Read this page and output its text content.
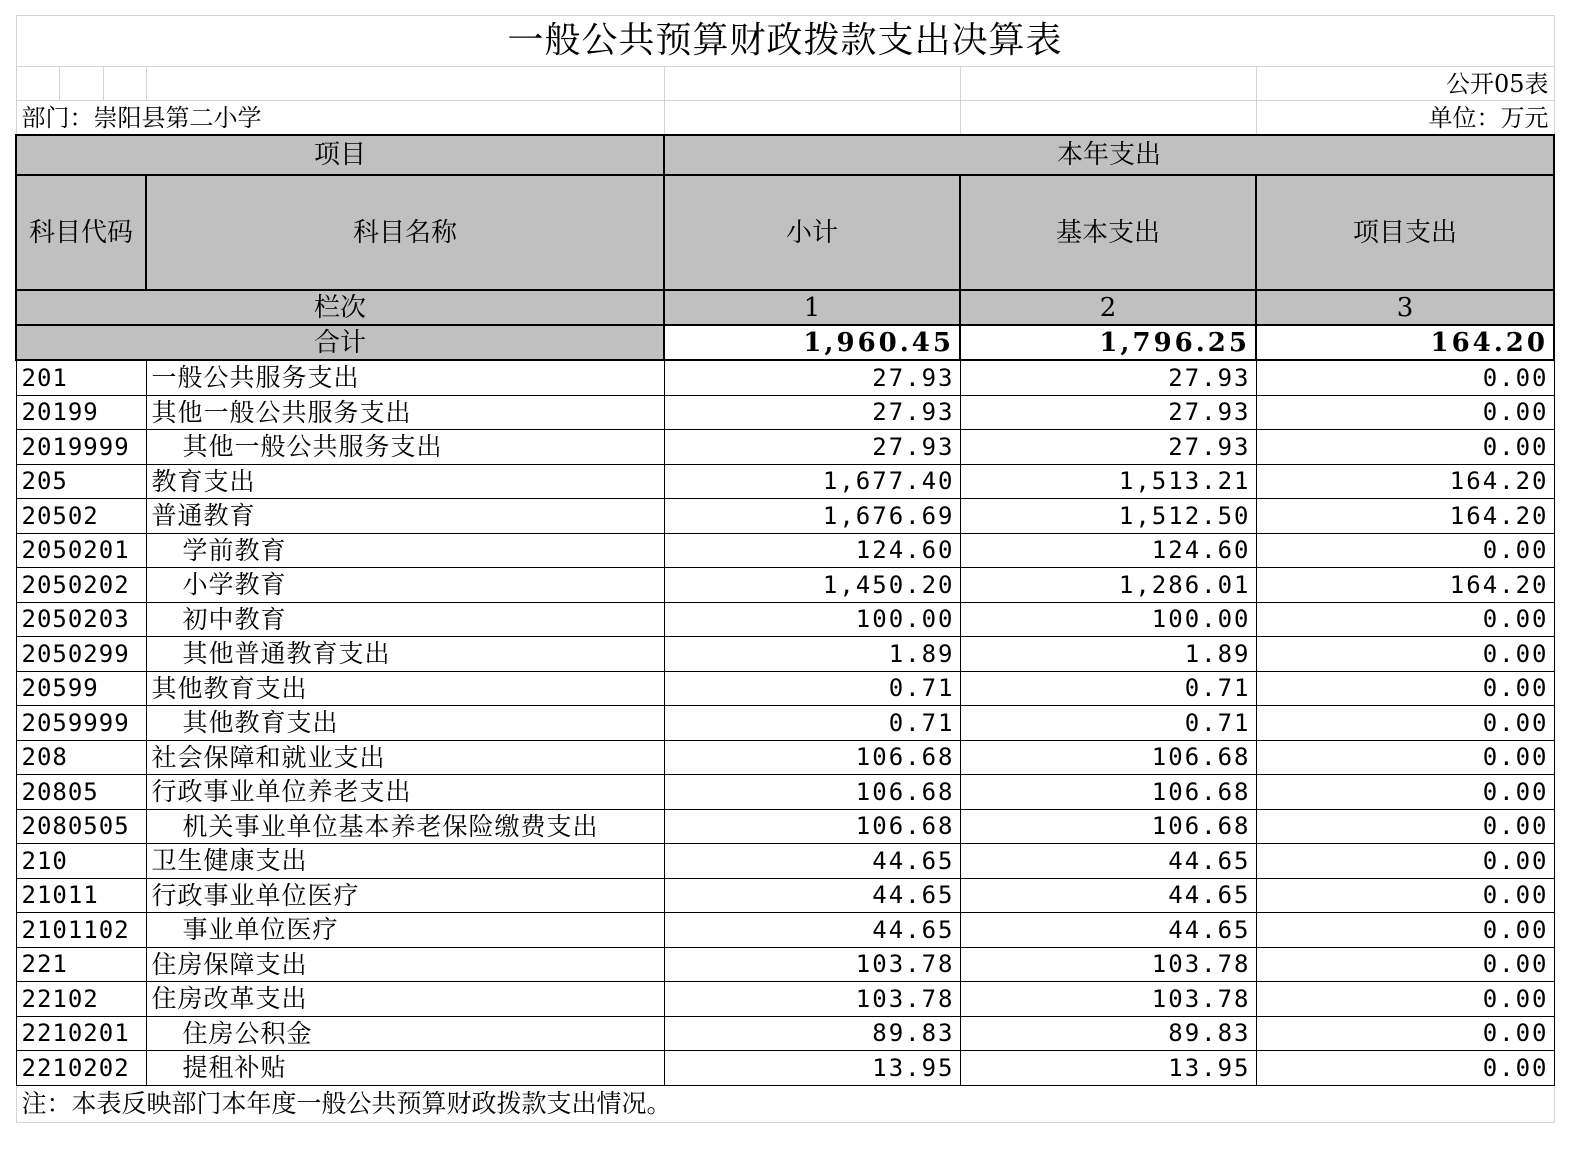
一般公共预算财政拨款支出决算表						
						公开05表
部门：崇阳县第二小学						单位：万元
项目				本年支出		
科目代码			科目名称	小计	基本支出	项目支出
栏次				1	2	3
合计				1,960.45	1,796.25	164.20
201			一般公共服务支出	27.93	27.93	0.00
20199			其他一般公共服务支出	27.93	27.93	0.00
2019999			其他一般公共服务支出	27.93	27.93	0.00
205			教育支出	1,677.40	1,513.21	164.20
20502			普通教育	1,676.69	1,512.50	164.20
2050201			学前教育	124.60	124.60	0.00
2050202			小学教育	1,450.20	1,286.01	164.20
2050203			初中教育	100.00	100.00	0.00
2050299			其他普通教育支出	1.89	1.89	0.00
20599			其他教育支出	0.71	0.71	0.00
2059999			其他教育支出	0.71	0.71	0.00
208			社会保障和就业支出	106.68	106.68	0.00
20805			行政事业单位养老支出	106.68	106.68	0.00
2080505			机关事业单位基本养老保险缴费支出	106.68	106.68	0.00
210			卫生健康支出	44.65	44.65	0.00
21011			行政事业单位医疗	44.65	44.65	0.00
2101102			事业单位医疗	44.65	44.65	0.00
221			住房保障支出	103.78	103.78	0.00
22102			住房改革支出	103.78	103.78	0.00
2210201			住房公积金	89.83	89.83	0.00
2210202			提租补贴	13.95	13.95	0.00
注：本表反映部门本年度一般公共预算财政拨款支出情况。						
